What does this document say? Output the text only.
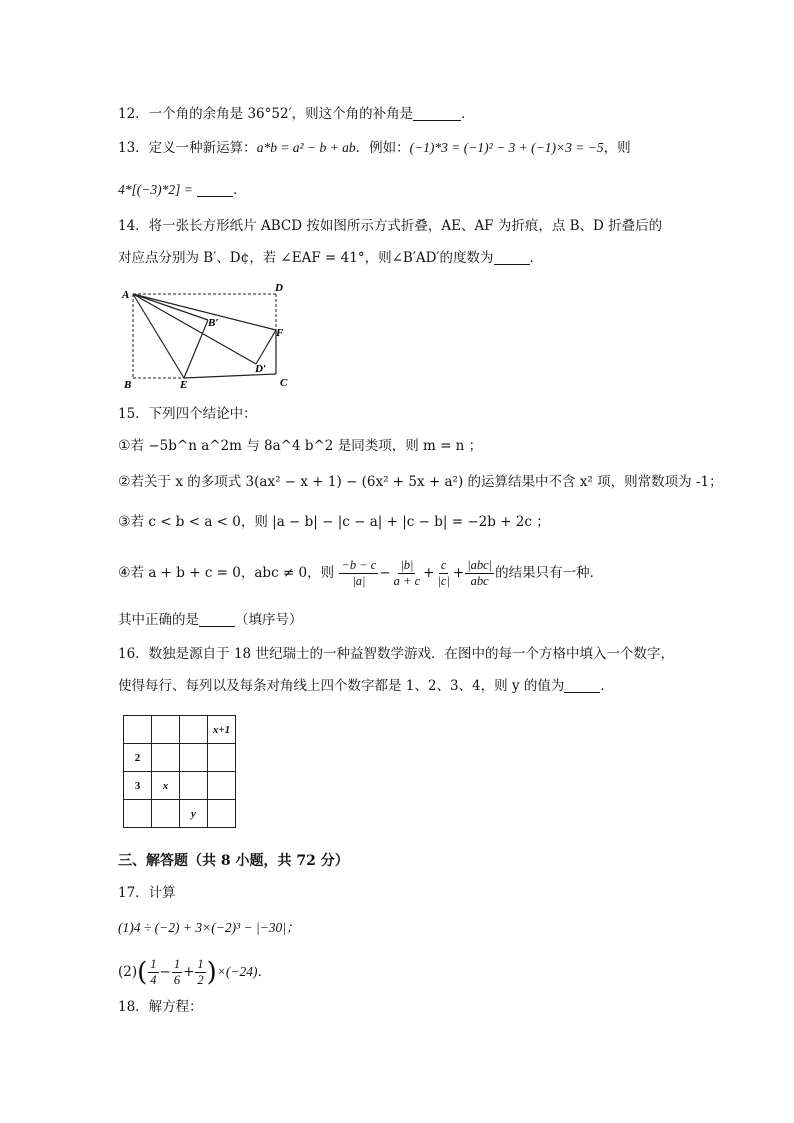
12．一个角的余角是 36°52′，则这个角的补角是	．
13．定义一种新运算：a*b = a² − b + ab．例如：(−1)*3 = (−1)² − 3 + (−1)×3 = −5，则
4*[(−3)*2] =	．
14．将一张长方形纸片 ABCD 按如图所示方式折叠，AE、AF 为折痕，点 B、D 折叠后的
对应点分别为 B′、D¢，若 ∠EAF = 41°，则∠B′AD′的度数为	．
A
D
B′
F
D′
B	E	C
15．下列四个结论中：
①若 −5b^n a^2m 与 8a^4 b^2 是同类项，则 m = n ；
②若关于 x 的多项式 3(ax² − x + 1) − (6x² + 5x + a²) 的运算结果中不含 x² 项，则常数项为 -1；
③若 c < b < a < 0，则 |a − b| − |c − a| + |c − b| = −2b + 2c ；
④若 a + b + c = 0，abc ≠ 0，则 $\frac{-b - c}{|a|} - \frac{|b|}{a + c} + \frac{c}{|c|} + \frac{\text{|abc|}}{\text{abc}}$ 的结果只有一种．
其中正确的是	（填序号）
16．数独是源自于 18 世纪瑞士的一种益智数学游戏．在图中的每一个方格中填入一个数字，
使得每行、每列以及每条对角线上四个数字都是 1、2、3、4，则 y 的值为	．
			x+1
2			
3	x		
		y	
三、解答题（共 8 小题，共 72 分）
17．计算
(1)4 ÷ (−2) + 3×(−2)³ − |−30|；
$(2)( \frac{1}{4} - \frac{1}{6} + \frac{1}{2} )\times(-24)$．
18．解方程：
